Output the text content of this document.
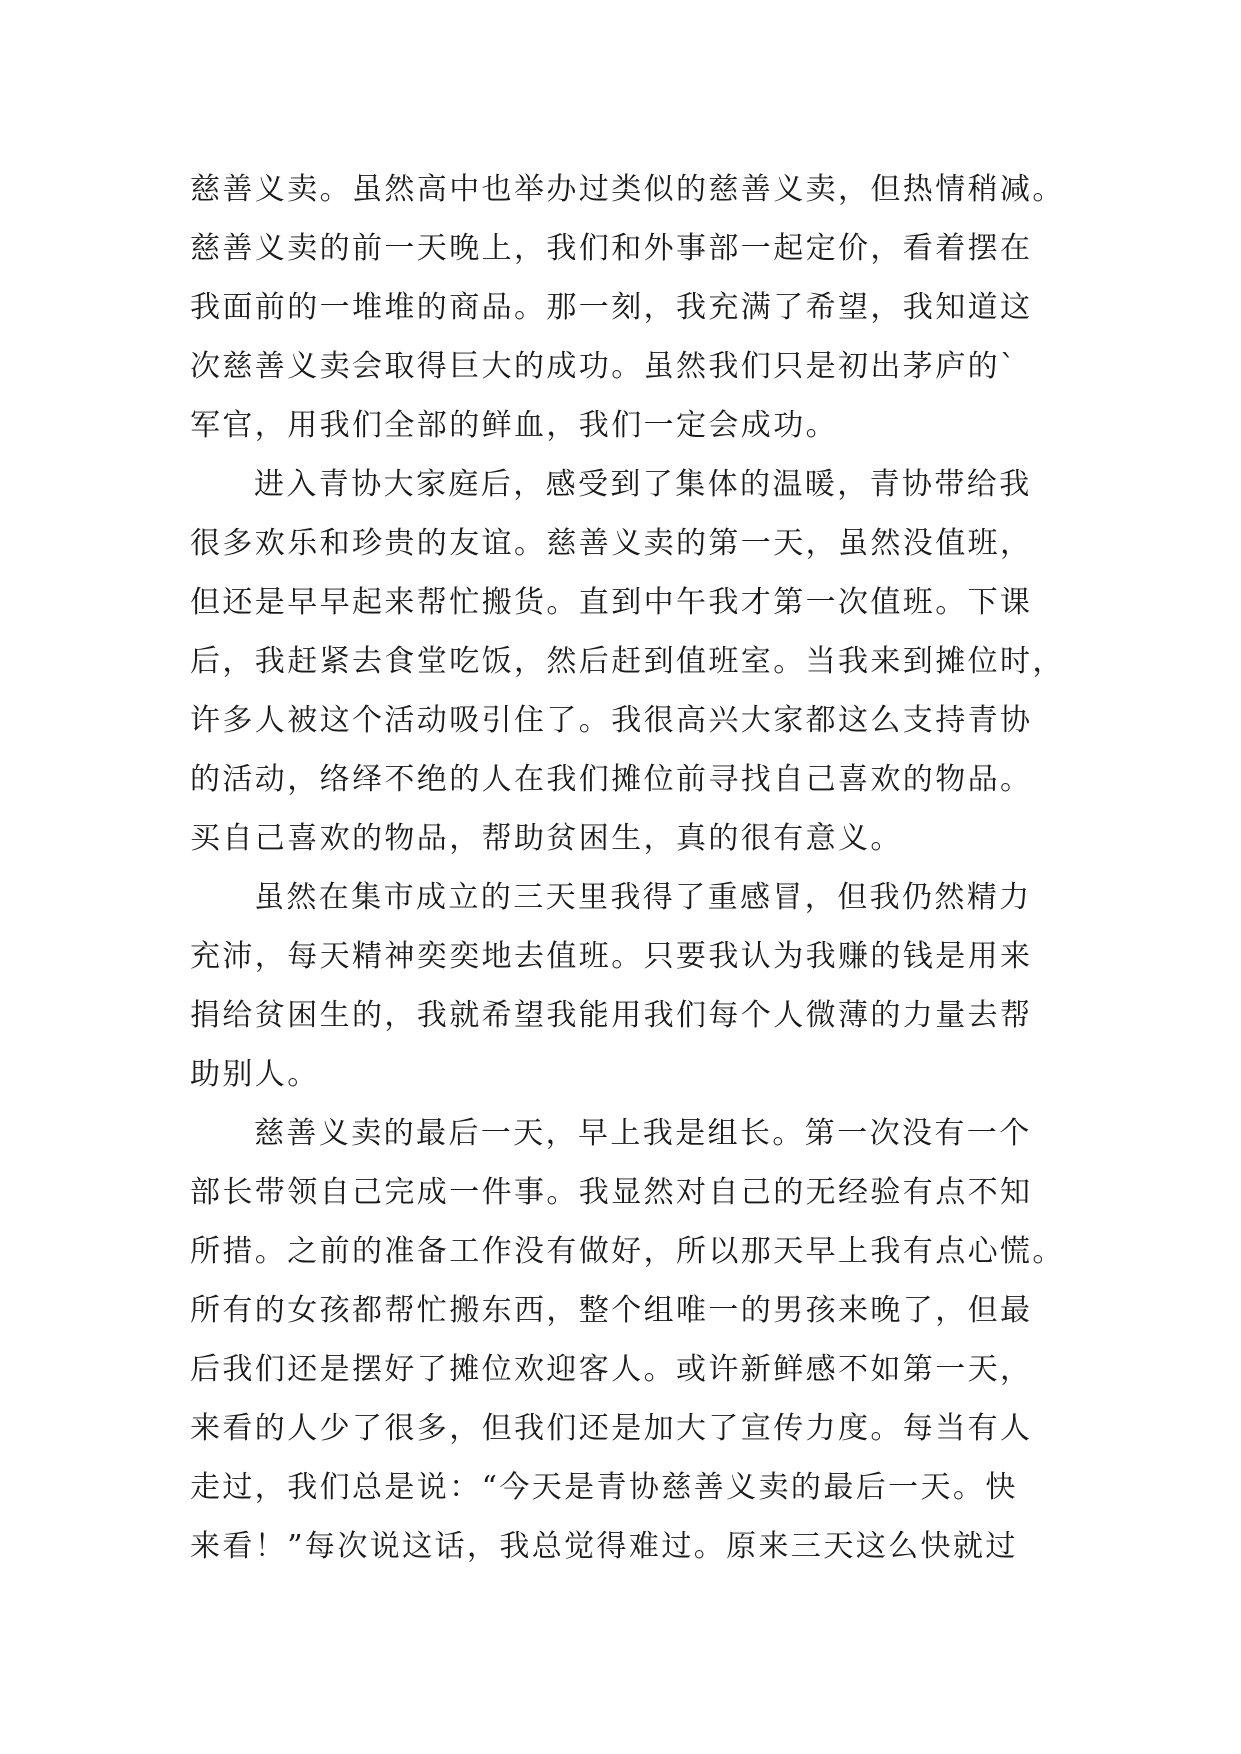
慈善义卖。虽然高中也举办过类似的慈善义卖，但热情稍减。
慈善义卖的前一天晚上，我们和外事部一起定价，看着摆在
我面前的一堆堆的商品。那一刻，我充满了希望，我知道这
次慈善义卖会取得巨大的成功。虽然我们只是初出茅庐的`
军官，用我们全部的鲜血，我们一定会成功。
进入青协大家庭后，感受到了集体的温暖，青协带给我
很多欢乐和珍贵的友谊。慈善义卖的第一天，虽然没值班，
但还是早早起来帮忙搬货。直到中午我才第一次值班。下课
后，我赶紧去食堂吃饭，然后赶到值班室。当我来到摊位时，
许多人被这个活动吸引住了。我很高兴大家都这么支持青协
的活动，络绎不绝的人在我们摊位前寻找自己喜欢的物品。
买自己喜欢的物品，帮助贫困生，真的很有意义。
虽然在集市成立的三天里我得了重感冒，但我仍然精力
充沛，每天精神奕奕地去值班。只要我认为我赚的钱是用来
捐给贫困生的，我就希望我能用我们每个人微薄的力量去帮
助别人。
慈善义卖的最后一天，早上我是组长。第一次没有一个
部长带领自己完成一件事。我显然对自己的无经验有点不知
所措。之前的准备工作没有做好，所以那天早上我有点心慌。
所有的女孩都帮忙搬东西，整个组唯一的男孩来晚了，但最
后我们还是摆好了摊位欢迎客人。或许新鲜感不如第一天，
来看的人少了很多，但我们还是加大了宣传力度。每当有人
走过，我们总是说：“今天是青协慈善义卖的最后一天。快
来看！”每次说这话，我总觉得难过。原来三天这么快就过
